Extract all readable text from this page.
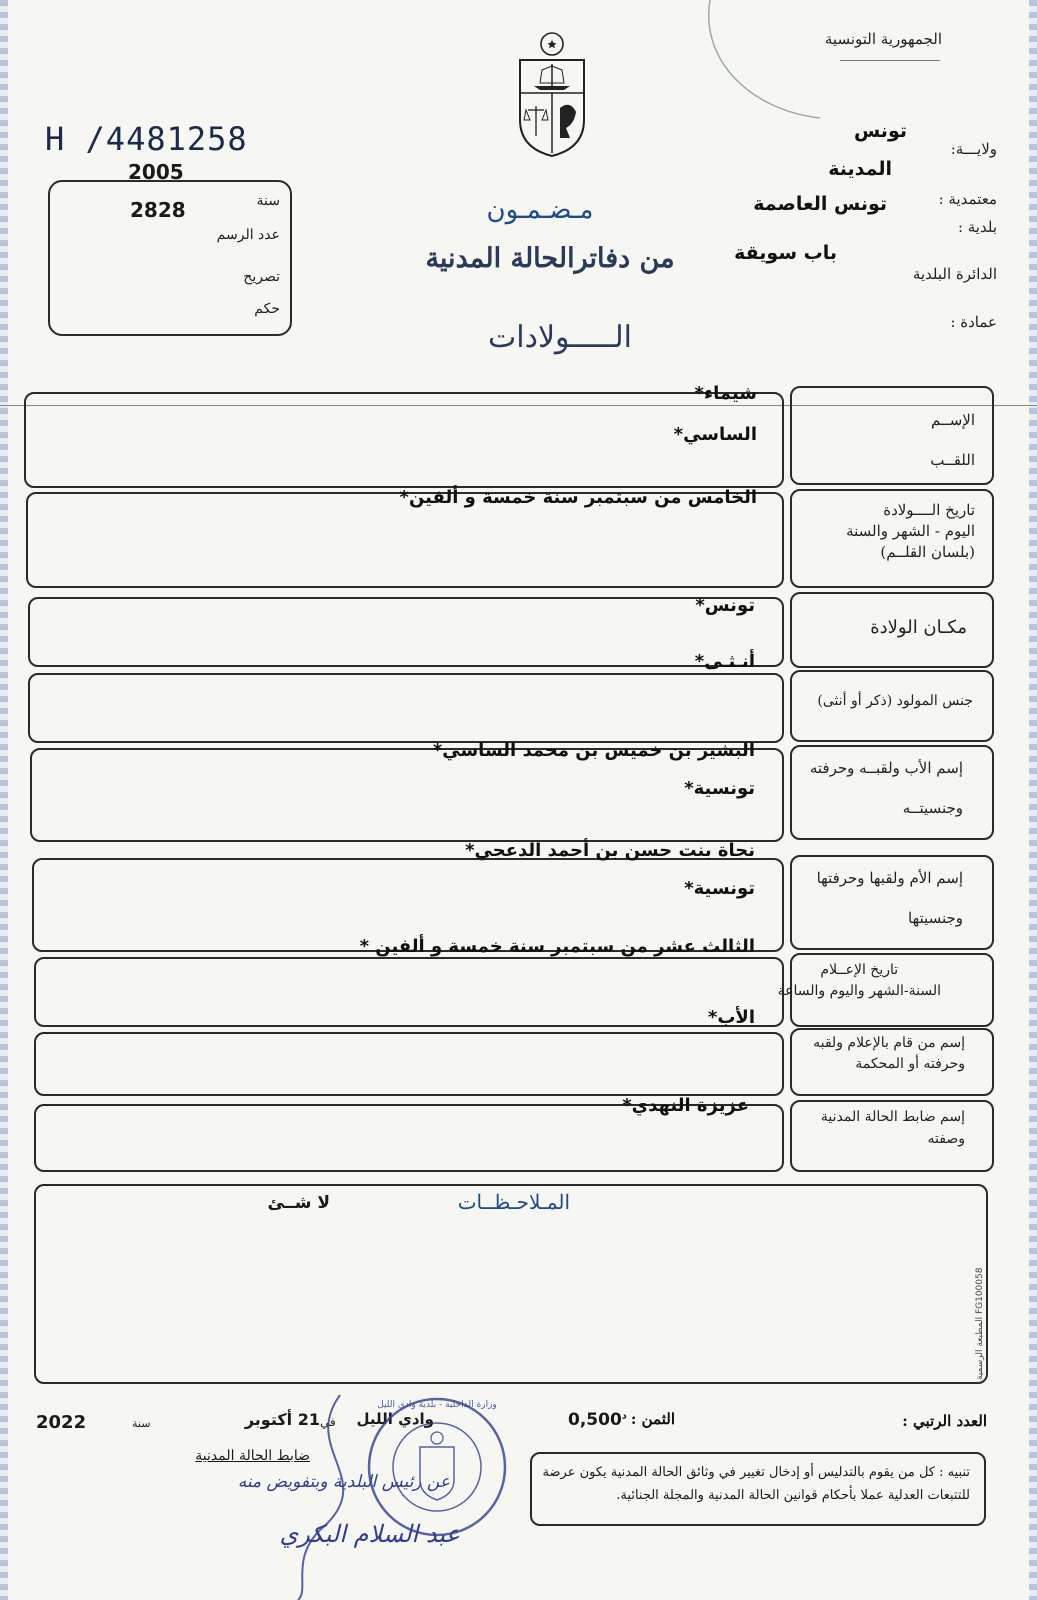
الجمهورية التونسية
H /4481258
2005
2828	سنة
عدد الرسم
تصريح
حكم
ولايـــة:
تونس
المدينة
معتمدية :
تونس العاصمة
بلدية :
باب سويقة
الدائرة البلدية
عمادة :
مـضـمـون
من دفاترالحالة المدنية
الـــــولادات
الإســم
اللقــب
شيماء*
الساسي*
تاريخ الــــولادة
اليوم - الشهر والسنة
(بلسان القلــم)
الخامس من سبتمبر سنة خمسة و ألفين*
مكـان الولادة
تونس*
جنس المولود (ذكر أو أنثى)
أنـثـى*
إسم الأب ولقبــه وحرفته
وجنسيتــه
البشير بن خميس بن محمد الساسي*
تونسية*
إسم الأم ولقبها وحرفتها
وجنسيتها
نجاة بنت حسن بن أحمد الدعجي*
تونسية*
تاريخ الإعــلام
السنة-الشهر واليوم والساعة
الثالث عشر من سبتمبر سنة خمسة و ألفين *
إسم من قام بالإعلام ولقبه
وحرفته أو المحكمة
الأب*
إسم ضابط الحالة المدنية
وصفته
عزيزة النهدي*
المـلاحـظــات
لا شــئ
المطبعة الرسمية FG100058
العدد الرتبي :
الثمن :
$0,500^د$
وادي الليل
في
21 أكتوبر
سنة
2022
تنبيه : كل من يقوم بالتدليس أو إدخال تغيير في وثائق الحالة المدنية يكون عرضة للتتبعات العدلية عملا بأحكام قوانين الحالة المدنية والمجلة الجنائية.
ضابط الحالة المدنية
عن رئيس البلدية وبتفويض منه
عبد السلام البكري
وزارة الداخلية - بلدية وادي الليل
